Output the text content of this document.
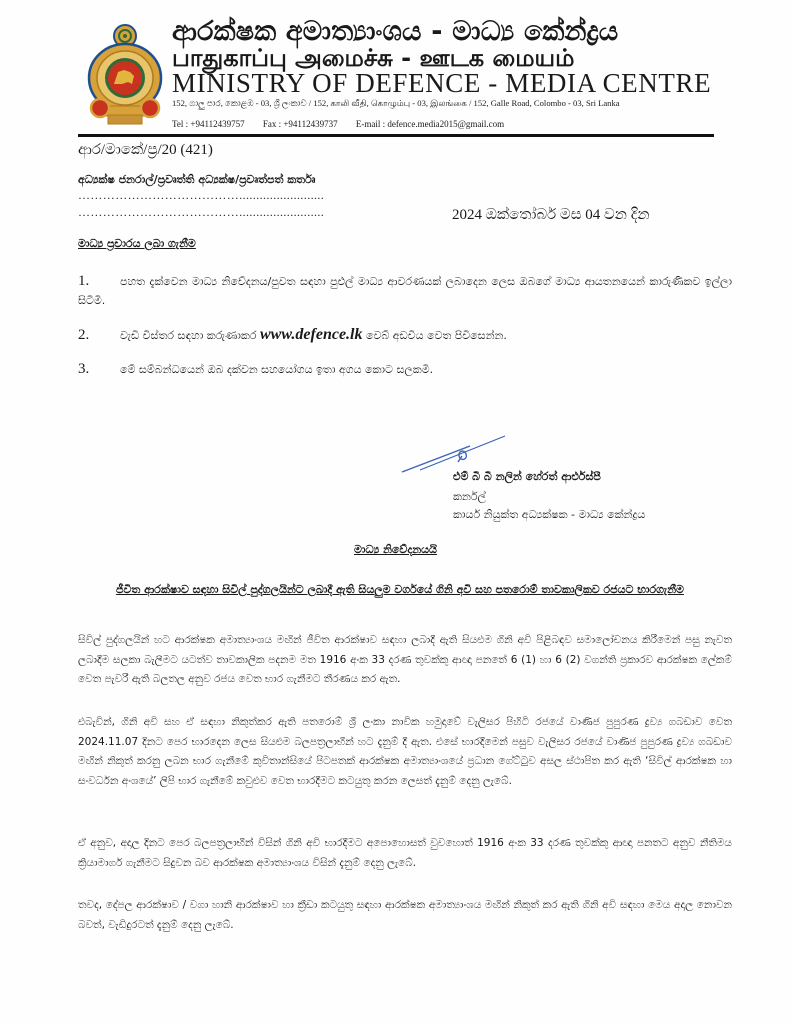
ආරක්ෂක අමාත්‍යාංශය - මාධ්‍ය කේන්ද්‍රය
பாதுகாப்பு அமைச்சு - ஊடக மையம்
MINISTRY OF DEFENCE - MEDIA CENTRE
152, ගාලු පාර, කොළඹ - 03, ශ්‍රී ලංකාව / 152, காலி வீதி, கொழும்பு - 03, இலங்கை / 152, Galle Road, Colombo - 03, Sri Lanka
Tel : +94112439757 Fax : +94112439737 E-mail : defence.media2015@gmail.com
ආර/මාකේ/ප්‍ර/20 (421)
අධ්‍යක්ෂ ජනරාල්/ප්‍රවෘත්ති අධ්‍යක්ෂ/ප්‍රවෘත්පත් කර්තෘ
………………………………….........................
………………………………….........................	2024 ඔක්තෝබර් මස 04 වන දින
මාධ්‍ය ප්‍රචාරය ලබා ගැනීම
1.	පහත දැක්වෙන මාධ්‍ය නිවේදනය/පුවත සඳහා පුළුල් මාධ්‍ය ආවරණයක් ලබාදෙන ලෙස ඔබගේ මාධ්‍ය ආයතනයෙන් කාරුණිකව ඉල්ලා සිටිමි.
2.	වැඩි විස්තර සඳහා කරුණාකර www.defence.lk වෙබ් අඩවිය වෙත පිවිසෙන්න.
3.	මේ සම්බන්ධයෙන් ඔබ දක්වන සහයෝගය ඉතා අගය කොට සලකමි.
එම් බී බී නලින් හේරත් ආර්එස්පී
කර්නල්
කාර්ය නියුක්ත අධ්‍යක්ෂක - මාධ්‍ය කේන්ද්‍රය
මාධ්‍ය නිවේදනයයි
ජීවිත ආරක්ෂාව සඳහා සිවිල් පුද්ගලයින්ට ලබාදී ඇති සියලුම වර්ගයේ ගිනි අවි සහ පතරොම් තාවකාලිකව රජයට භාරගැනීම
සිවිල් පුද්ගලයින් හට ආරක්ෂක අමාත්‍යාංශය මඟින් ජීවිත ආරක්ෂාව සඳහා ලබාදී ඇති සියළුම ගිනි අවි පිළිබඳව සමාලෝචනය කිරීමෙන් පසු නැවත ලබාදීම සලකා බැලීමට යටත්ව තාවකාලික පදනම මත 1916 අංක 33 දරණ තුවක්කු ආඥා පනතේ 6 (1) හා 6 (2) වගන්ති ප්‍රකාරව ආරක්ෂක ලේකම් වෙත පැවරී ඇති බලතල අනුව රජය වෙත භාර ගැනීමට තීරණය කර ඇත.
එබැවින්, ගිනි අවි සහ ඒ සඳහා නිකුත්කර ඇති පතරොම් ශ්‍රී ලංකා නාවික හමුදාවේ වැලිසර පිහිටි රජයේ වාණිජ පුපුරණ ද්‍රව්‍ය ගබඩාව වෙත 2024.11.07 දිනට පෙර භාරදෙන ලෙස සියළුම බලපත්‍රලාභීන් හට දැනුම් දී ඇත. එසේ භාරදීමෙන් පසුව වැලිසර රජයේ වාණිජ පුපුරණ ද්‍රව්‍ය ගබඩාව මඟින් නිකුත් කරනු ලබන භාර ගැනීමේ කුවිතාන්සියේ පිටපතක් ආරක්ෂක අමාත්‍යාංශයේ ප්‍රධාන ගේට්ටුව අසල ස්ථාපිත කර ඇති ‘සිවිල් ආරක්ෂක හා සංවර්ධන අංශයේ’ ලිපි භාර ගැනීමේ කවුළුව වෙත භාරදීමට කටයුතු කරන ලෙසත් දැනුම් දෙනු ලැබේ.
ඒ අනුව, අදාල දිනට පෙර බලපත්‍රලාභීන් විසින් ගිනි අවි භාරදීමට අපොහොසත් වුවහොත් 1916 අංක 33 දරණ තුවක්කු ආඥා පනතට අනුව නීතිමය ක්‍රියාමාර්ග ගැනීමට සිදුවන බව ආරක්ෂක අමාත්‍යාංශය විසින් දැනුම් දෙනු ලැබේ.
තවද, දේපල ආරක්ෂාව / වගා හානි ආරක්ෂාව හා ක්‍රීඩා කටයුතු සඳහා ආරක්ෂක අමාත්‍යාංශය මඟින් නිකුත් කර ඇති ගිනි අවි සඳහා මෙය අදාල නොවන බවත්, වැඩිදුරටත් දැනුම් දෙනු ලැබේ.
